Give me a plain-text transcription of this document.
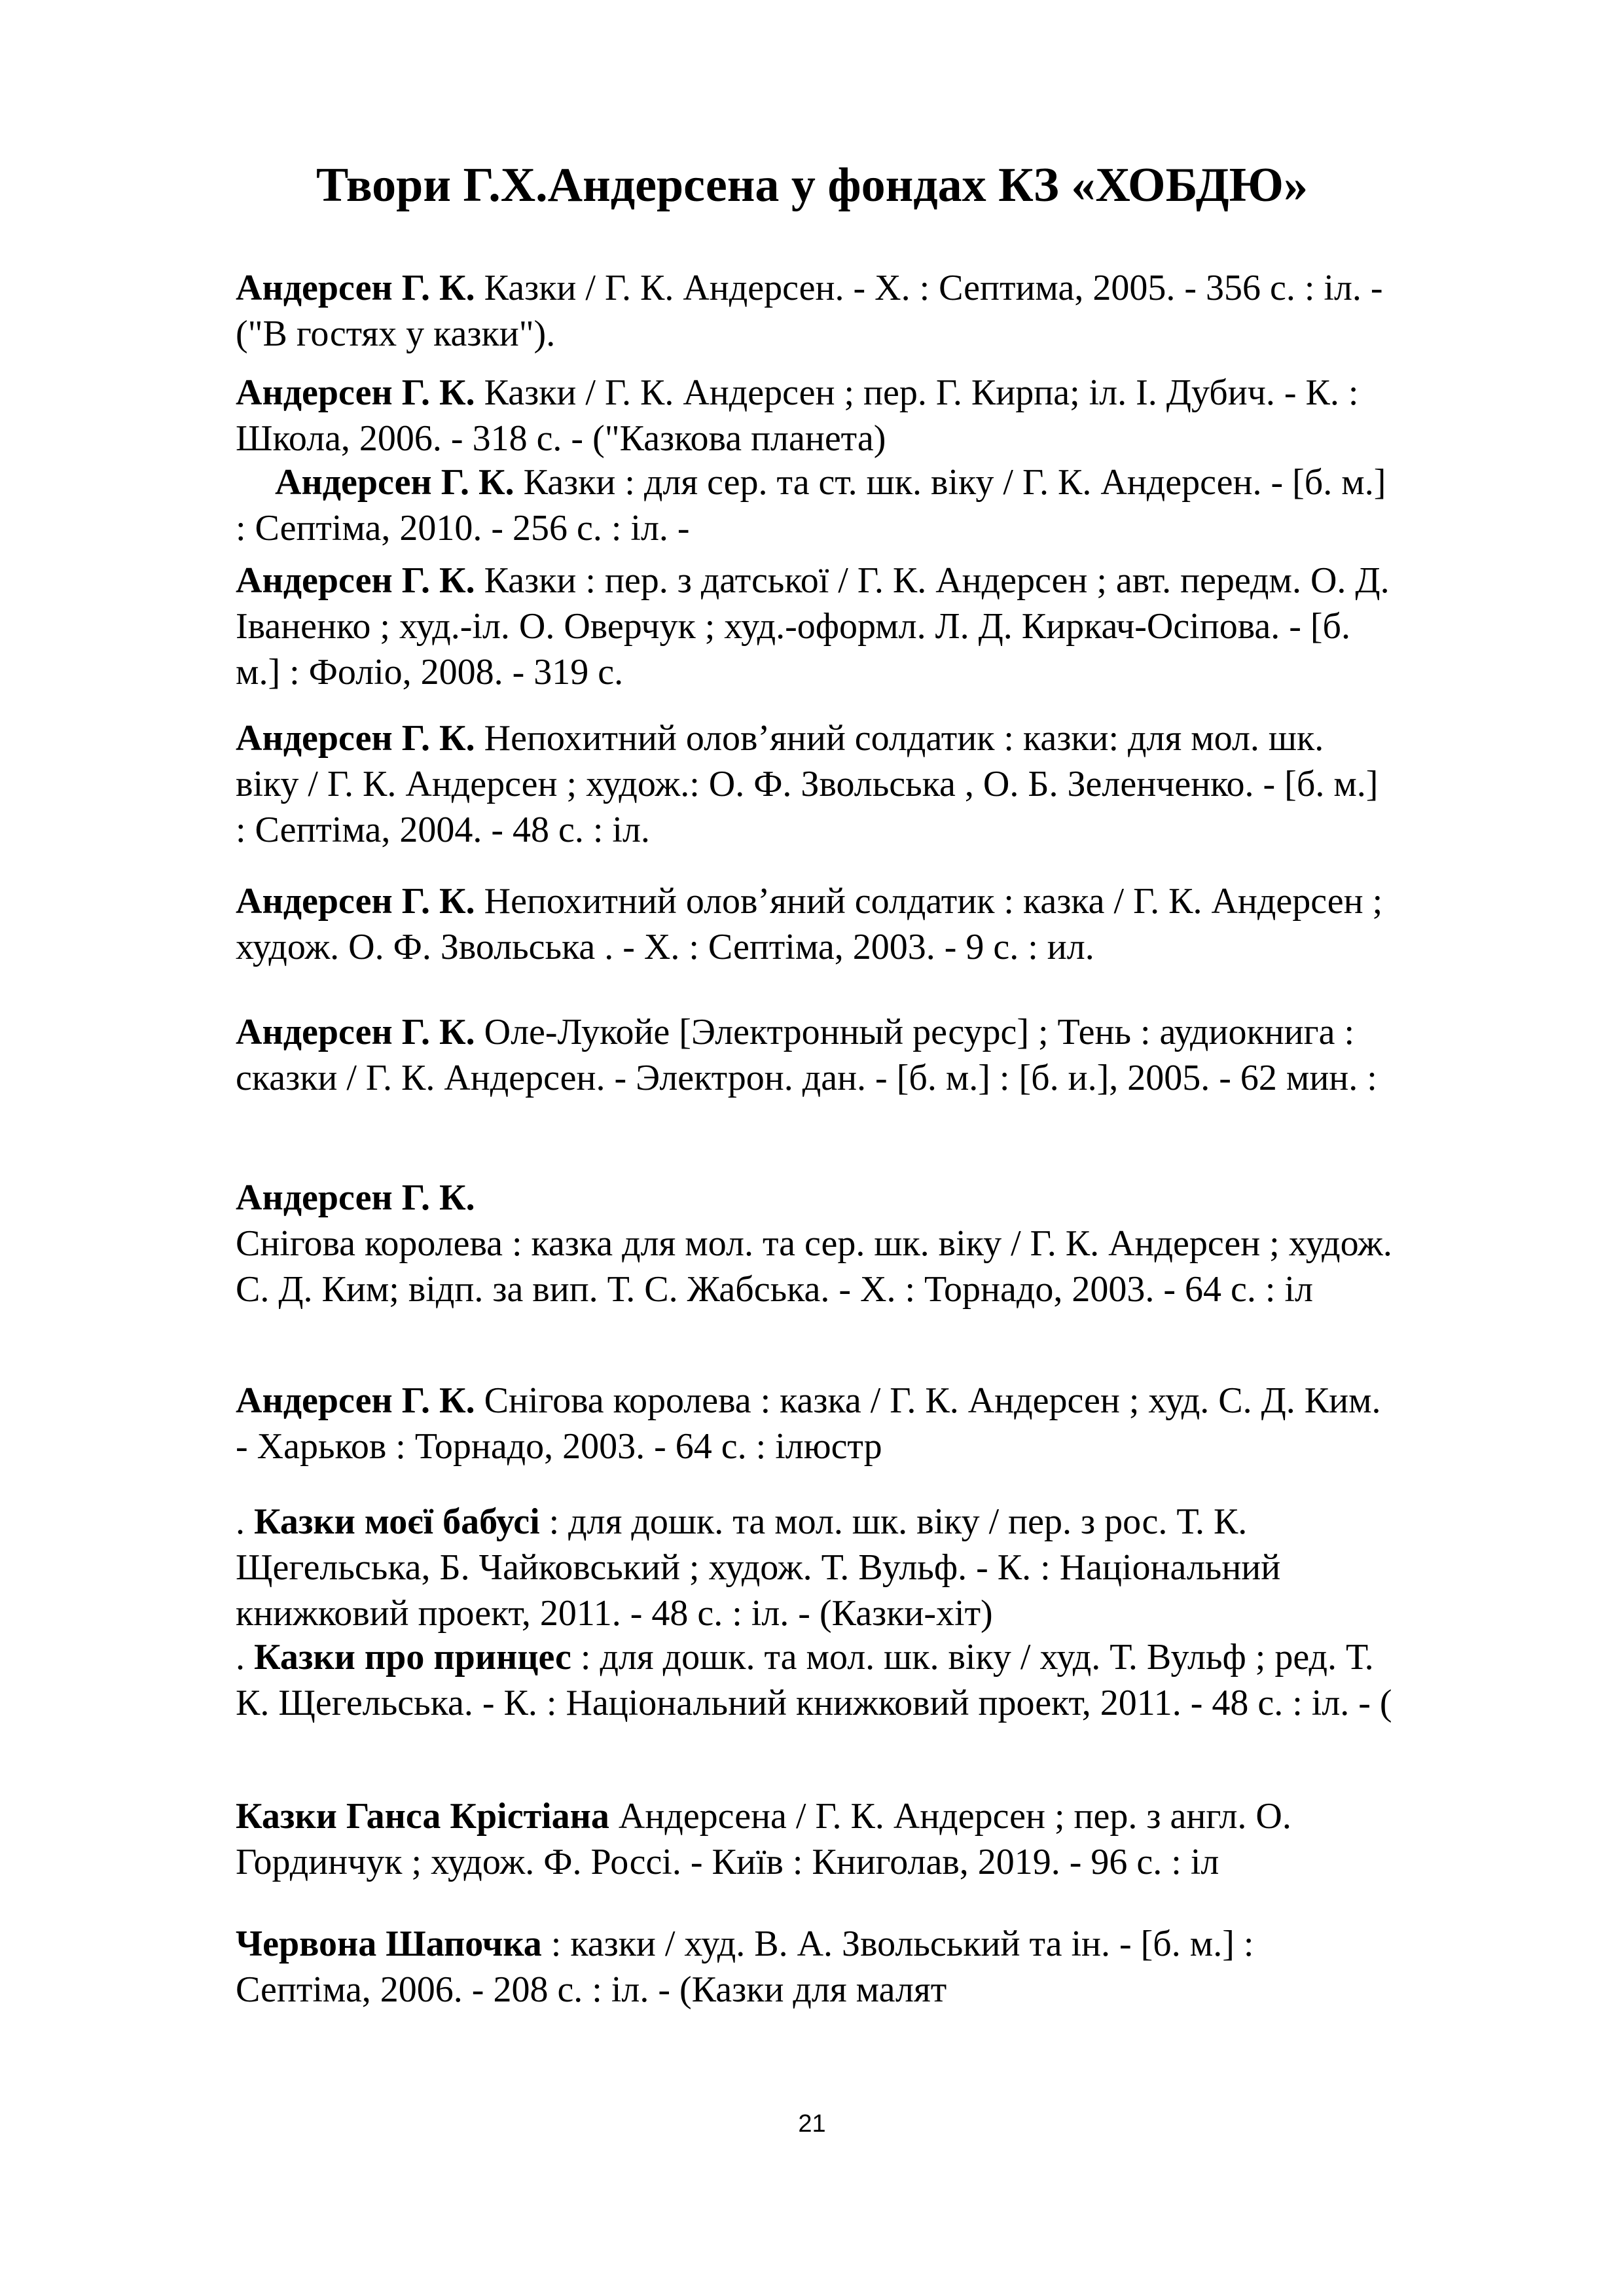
Твори Г.Х.Андерсена у фондах КЗ «ХОБДЮ»

Андерсен Г. К. Казки / Г. К. Андерсен. - Х. : Септима, 2005. - 356 с. : іл. - ("В гостях у казки").

Андерсен Г. К. Казки / Г. К. Андерсен ; пер. Г. Кирпа; іл. І. Дубич. - К. : Школа, 2006. - 318 с. - ("Казкова планета)

Андерсен Г. К. Казки : для сер. та ст. шк. віку / Г. К. Андерсен. - [б. м.] : Септіма, 2010. - 256 с. : іл. -

Андерсен Г. К. Казки : пер. з датської / Г. К. Андерсен ; авт. передм. О. Д. Іваненко ; худ.-іл. О. Оверчук ; худ.-оформл. Л. Д. Киркач-Осіпова. - [б. м.] : Фоліо, 2008. - 319 с.

Андерсен Г. К. Непохитний олов’яний солдатик : казки: для мол. шк. віку / Г. К. Андерсен ; худож.: О. Ф. Звольська , О. Б. Зеленченко. - [б. м.] : Септіма, 2004. - 48 с. : іл.

Андерсен Г. К. Непохитний олов’яний солдатик : казка / Г. К. Андерсен ; худож. О. Ф. Звольська . - Х. : Септіма, 2003. - 9 с. : ил.

Андерсен Г. К. Оле-Лукойе [Электронный ресурс] ; Тень : аудиокнига : сказки / Г. К. Андерсен. - Электрон. дан. - [б. м.] : [б. и.], 2005. - 62 мин. :

Андерсен Г. К.
Снігова королева : казка для мол. та сер. шк. віку / Г. К. Андерсен ; худож. С. Д. Ким; відп. за вип. Т. С. Жабська. - Х. : Торнадо, 2003. - 64 с. : іл

Андерсен Г. К. Снігова королева : казка / Г. К. Андерсен ; худ. С. Д. Ким. - Харьков : Торнадо, 2003. - 64 с. : ілюстр

. Казки моєї бабусі : для дошк. та мол. шк. віку / пер. з рос. Т. К. Щегельська, Б. Чайковський ; худож. Т. Вульф. - К. : Національний книжковий проект, 2011. - 48 с. : іл. - (Казки-хіт)

. Казки про принцес : для дошк. та мол. шк. віку / худ. Т. Вульф ; ред. Т. К. Щегельська. - К. : Національний книжковий проект, 2011. - 48 с. : іл. - (

Казки Ганса Крістіана Андерсена / Г. К. Андерсен ; пер. з англ. О. Гординчук ; худож. Ф. Россі. - Київ : Книголав, 2019. - 96 с. : іл

Червона Шапочка : казки / худ. В. А. Звольський та ін. - [б. м.] : Септіма, 2006. - 208 с. : іл. - (Казки для малят

21
